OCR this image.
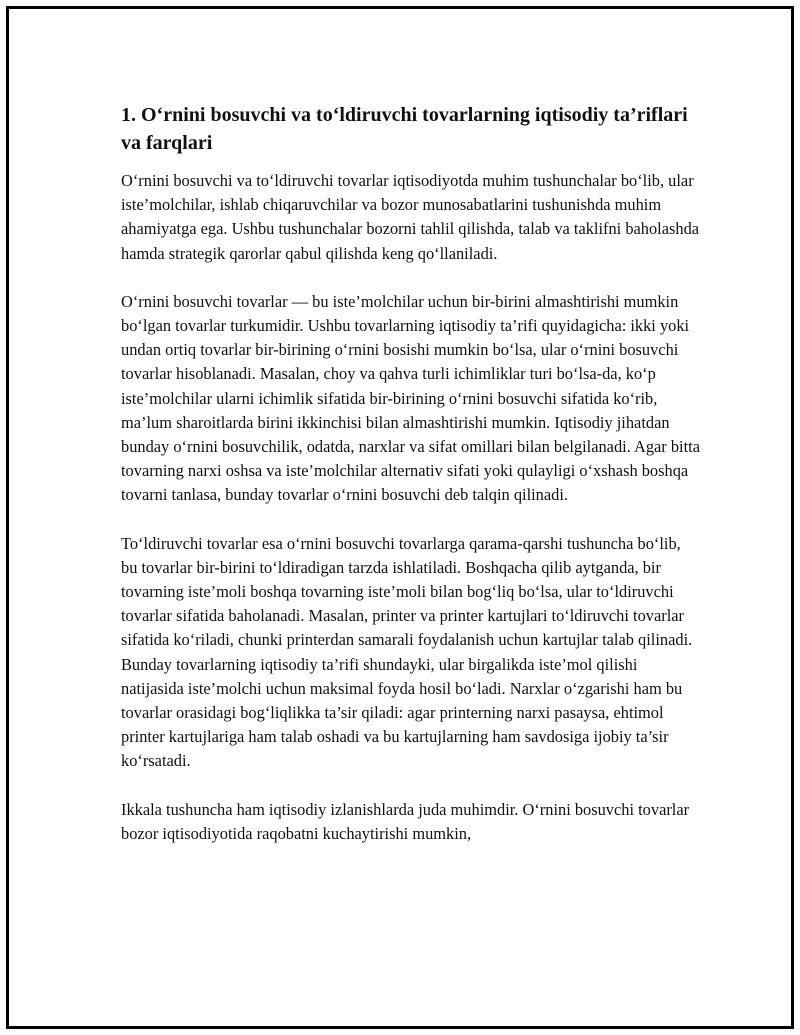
1. O‘rnini bosuvchi va to‘ldiruvchi tovarlarning iqtisodiy ta’riflari va farqlari

O‘rnini bosuvchi va to‘ldiruvchi tovarlar iqtisodiyotda muhim tushunchalar bo‘lib, ular iste’molchilar, ishlab chiqaruvchilar va bozor munosabatlarini tushunishda muhim ahamiyatga ega. Ushbu tushunchalar bozorni tahlil qilishda, talab va taklifni baholashda hamda strategik qarorlar qabul qilishda keng qo‘llaniladi.

O‘rnini bosuvchi tovarlar — bu iste’molchilar uchun bir-birini almashtirishi mumkin bo‘lgan tovarlar turkumidir. Ushbu tovarlarning iqtisodiy ta’rifi quyidagicha: ikki yoki undan ortiq tovarlar bir-birining o‘rnini bosishi mumkin bo‘lsa, ular o‘rnini bosuvchi tovarlar hisoblanadi. Masalan, choy va qahva turli ichimliklar turi bo‘lsa-da, ko‘p iste’molchilar ularni ichimlik sifatida bir-birining o‘rnini bosuvchi sifatida ko‘rib, ma’lum sharoitlarda birini ikkinchisi bilan almashtirishi mumkin. Iqtisodiy jihatdan bunday o‘rnini bosuvchilik, odatda, narxlar va sifat omillari bilan belgilanadi. Agar bitta tovarning narxi oshsa va iste’molchilar alternativ sifati yoki qulayligi o‘xshash boshqa tovarni tanlasa, bunday tovarlar o‘rnini bosuvchi deb talqin qilinadi.

To‘ldiruvchi tovarlar esa o‘rnini bosuvchi tovarlarga qarama-qarshi tushuncha bo‘lib, bu tovarlar bir-birini to‘ldiradigan tarzda ishlatiladi. Boshqacha qilib aytganda, bir tovarning iste’moli boshqa tovarning iste’moli bilan bog‘liq bo‘lsa, ular to‘ldiruvchi tovarlar sifatida baholanadi. Masalan, printer va printer kartujlari to‘ldiruvchi tovarlar sifatida ko‘riladi, chunki printerdan samarali foydalanish uchun kartujlar talab qilinadi. Bunday tovarlarning iqtisodiy ta’rifi shundayki, ular birgalikda iste’mol qilishi natijasida iste’molchi uchun maksimal foyda hosil bo‘ladi. Narxlar o‘zgarishi ham bu tovarlar orasidagi bog‘liqlikka ta’sir qiladi: agar printerning narxi pasaysa, ehtimol printer kartujlariga ham talab oshadi va bu kartujlarning ham savdosiga ijobiy ta’sir ko‘rsatadi.

Ikkala tushuncha ham iqtisodiy izlanishlarda juda muhimdir. O‘rnini bosuvchi tovarlar bozor iqtisodiyotida raqobatni kuchaytirishi mumkin,
